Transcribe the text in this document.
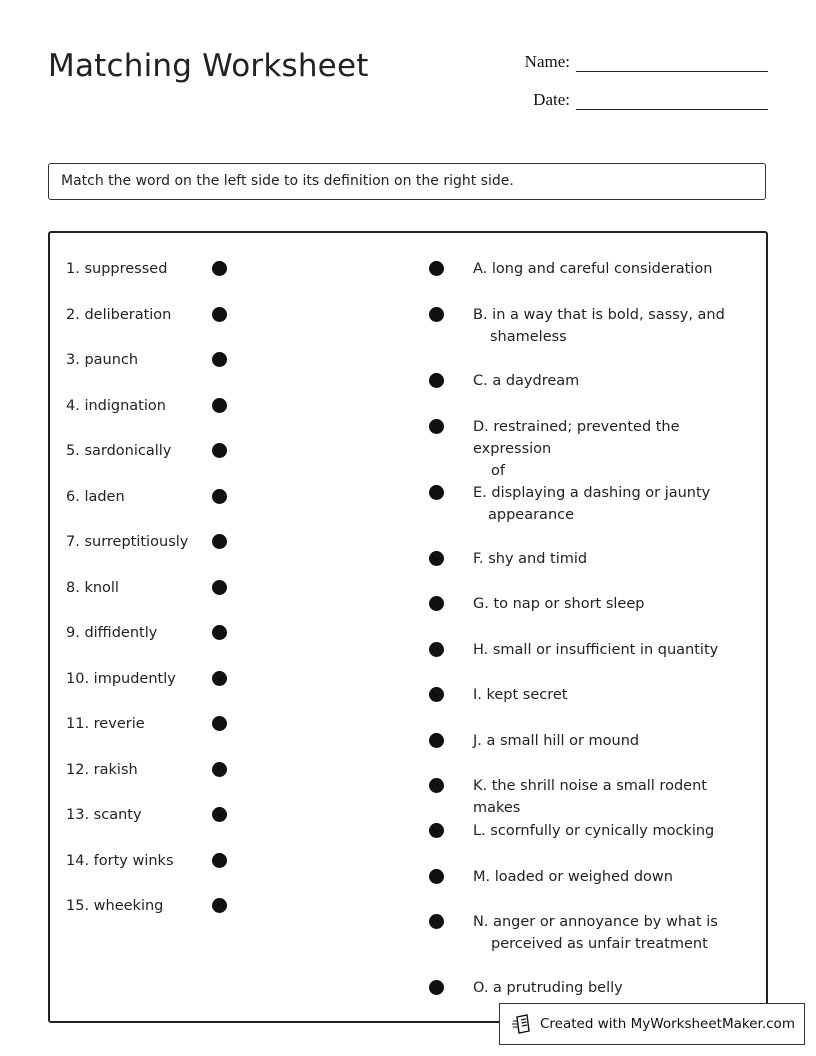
Matching Worksheet	Name:
Date:
Match the word on the left side to its definition on the right side.
1. suppressed
2. deliberation
3. paunch
4. indignation
5. sardonically
6. laden
7. surreptitiously
8. knoll
9. diffidently
10. impudently
11. reverie
12. rakish
13. scanty
14. forty winks
15. wheeking
A. long and careful consideration
B. in a way that is bold, sassy, and
shameless
C. a daydream
D. restrained; prevented the expression
of
E. displaying a dashing or jaunty
appearance
F. shy and timid
G. to nap or short sleep
H. small or insufficient in quantity
I. kept secret
J. a small hill or mound
K. the shrill noise a small rodent makes
L. scornfully or cynically mocking
M. loaded or weighed down
N. anger or annoyance by what is
perceived as unfair treatment
O. a prutruding belly
Created with MyWorksheetMaker.com
